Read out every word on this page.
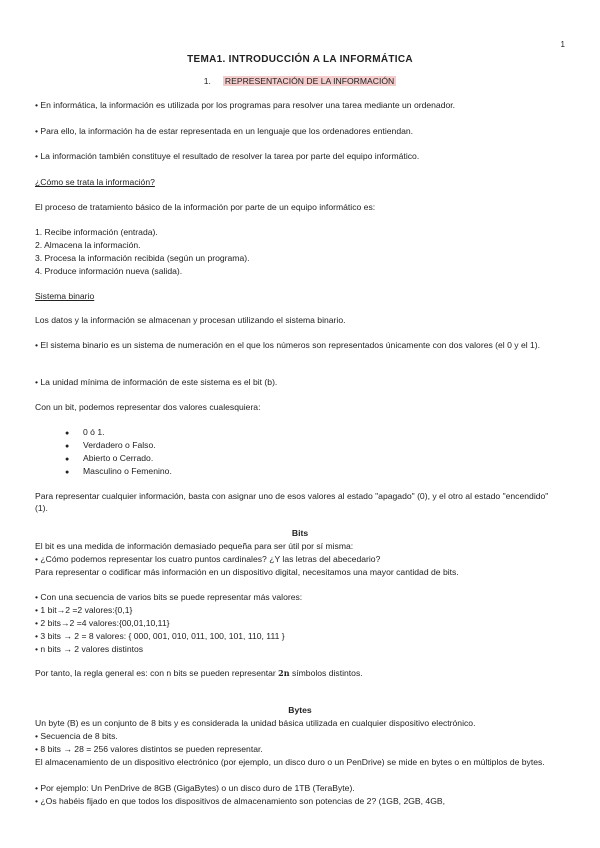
1
TEMA1. INTRODUCCIÓN A LA INFORMÁTICA
1. REPRESENTACIÓN DE LA INFORMACIÓN
• En informática, la información es utilizada por los programas para resolver una tarea mediante un ordenador.
• Para ello, la información ha de estar representada en un lenguaje que los ordenadores entiendan.
• La información también constituye el resultado de resolver la tarea por parte del equipo informático.
¿Cómo se trata la información?
El proceso de tratamiento básico de la información por parte de un equipo informático es:
1. Recibe información (entrada).
2. Almacena la información.
3. Procesa la información recibida (según un programa).
4. Produce información nueva (salida).
Sistema binario
Los datos y la información se almacenan y procesan utilizando el sistema binario.
• El sistema binario es un sistema de numeración en el que los números son representados únicamente con dos valores (el 0 y el 1).
• La unidad mínima de información de este sistema es el bit (b).
Con un bit, podemos representar dos valores cualesquiera:
● 0 ó 1.
● Verdadero o Falso.
● Abierto o Cerrado.
● Masculino o Femenino.
Para representar cualquier información, basta con asignar uno de esos valores al estado "apagado" (0), y el otro al estado "encendido" (1).
Bits
El bit es una medida de información demasiado pequeña para ser útil por sí misma:
• ¿Cómo podemos representar los cuatro puntos cardinales? ¿Y las letras del abecedario?
Para representar o codificar más información en un dispositivo digital, necesitamos una mayor cantidad de bits.
• Con una secuencia de varios bits se puede representar más valores:
• 1 bit→2 =2 valores:{0,1}
• 2 bits→2 =4 valores:{00,01,10,11}
• 3 bits → 2 = 8 valores: { 000, 001, 010, 011, 100, 101, 110, 111 }
• n bits → 2 valores distintos
Por tanto, la regla general es: con n bits se pueden representar 2n símbolos distintos.
Bytes
Un byte (B) es un conjunto de 8 bits y es considerada la unidad básica utilizada en cualquier dispositivo electrónico.
• Secuencia de 8 bits.
• 8 bits → 28 = 256 valores distintos se pueden representar.
El almacenamiento de un dispositivo electrónico (por ejemplo, un disco duro o un PenDrive) se mide en bytes o en múltiplos de bytes.
• Por ejemplo: Un PenDrive de 8GB (GigaBytes) o un disco duro de 1TB (TeraByte).
• ¿Os habéis fijado en que todos los dispositivos de almacenamiento son potencias de 2? (1GB, 2GB, 4GB,
